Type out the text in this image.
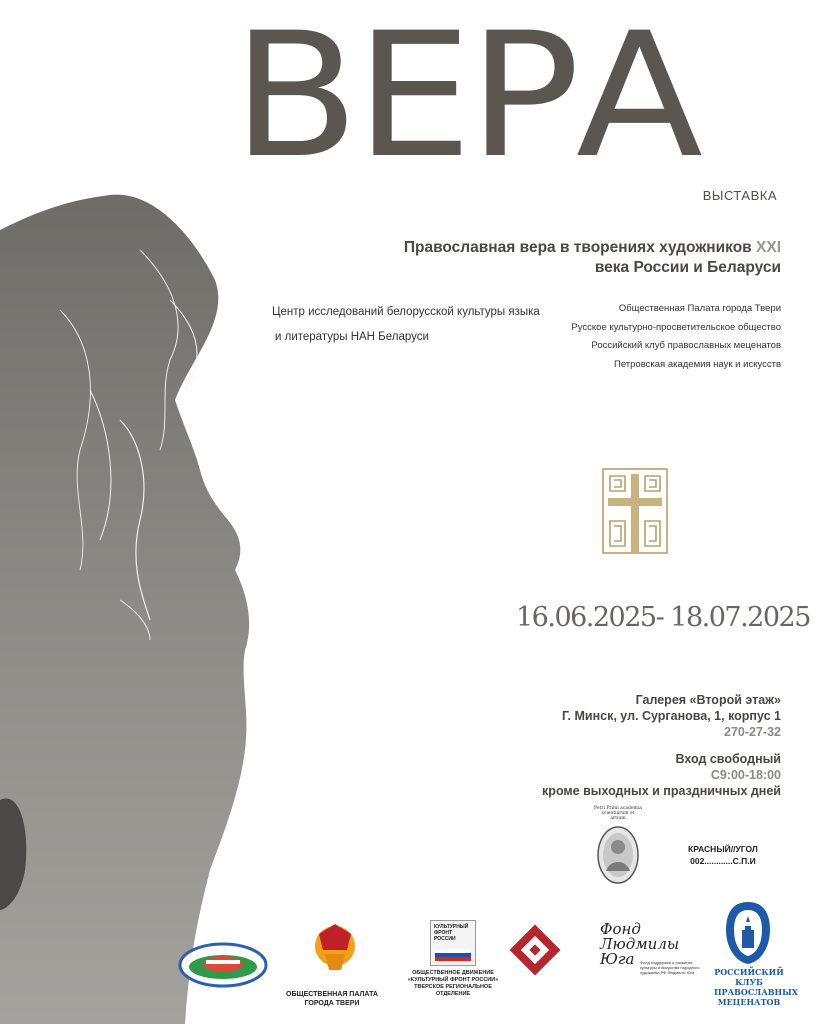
ВЕРА ВЫСТАВКА
Православная вера в творениях художников XXI
века России и Беларуси
Центр исследований белорусской культуры языка
и литературы НАН Беларуси
Общественная Палата города Твери
Русское культурно-просветительское общество
Российский клуб православных меценатов
Петровская академия наук и искусств
16.06.2025- 18.07.2025
Галерея «Второй этаж»
Г. Минск, ул. Сурганова, 1, корпус 1
270-27-32
Вход свободный
С9:00-18:00
кроме выходных и праздничных дней
Petri Primi academia scientiarum et artium
КРАСНЫЙ//УГОЛ
002............С.П.И
ОБЩЕСТВЕННАЯ ПАЛАТА
ГОРОДА ТВЕРИ
КУЛЬТУРНЫЙ ФРОНТ РОССИИ
ОБЩЕСТВЕННОЕ ДВИЖЕНИЕ
«КУЛЬТУРНЫЙ ФРОНТ РОССИИ»
ТВЕРСКОЕ РЕГИОНАЛЬНОЕ ОТДЕЛЕНИЕ
Фонд Людмилы Юга	Фонд поддержки и развития культуры и искусства народного художника РФ Людмилы Юга	РОССИЙСКИЙ КЛУБ
ПРАВОСЛАВНЫХ
МЕЦЕНАТОВ
